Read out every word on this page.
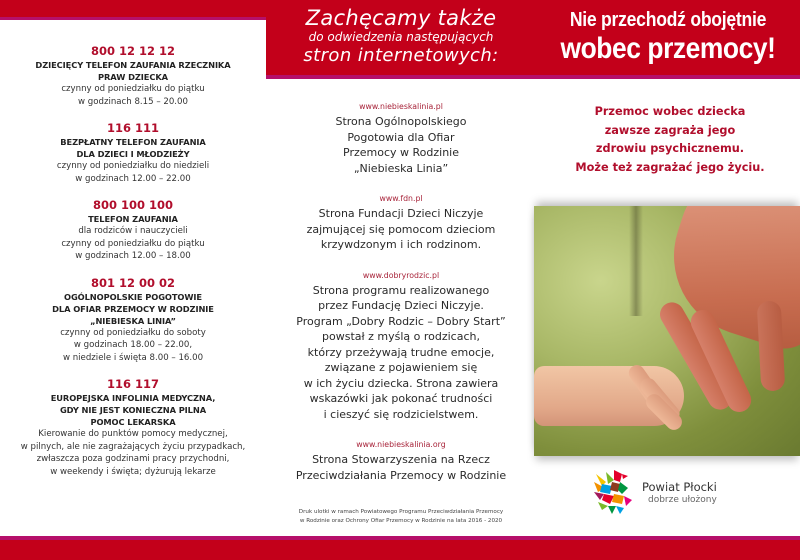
800 12 12 12
DZIECIĘCY TELEFON ZAUFANIA RZECZNIKA
PRAW DZIECKA
czynny od poniedziałku do piątku
w godzinach 8.15 – 20.00
116 111
BEZPŁATNY TELEFON ZAUFANIA
DLA DZIECI I MŁODZIEŻY
czynny od poniedziałku do niedzieli
w godzinach 12.00 – 22.00
800 100 100
TELEFON ZAUFANIA
dla rodziców i nauczycieli
czynny od poniedziałku do piątku
w godzinach 12.00 – 18.00
801 12 00 02
OGÓLNOPOLSKIE POGOTOWIE
DLA OFIAR PRZEMOCY W RODZINIE
„NIEBIESKA LINIA”
czynny od poniedziałku do soboty
w godzinach 18.00 – 22.00,
w niedziele i święta 8.00 – 16.00
116 117
EUROPEJSKA INFOLINIA MEDYCZNA,
GDY NIE JEST KONIECZNA PILNA
POMOC LEKARSKA
Kierowanie do punktów pomocy medycznej,
w pilnych, ale nie zagrażających życiu przypadkach,
zwłaszcza poza godzinami pracy przychodni,
w weekendy i święta; dyżurują lekarze
Zachęcamy także
do odwiedzenia następujących
stron internetowych:
www.niebieskalinia.pl
Strona Ogólnopolskiego
Pogotowia dla Ofiar
Przemocy w Rodzinie
„Niebieska Linia”
www.fdn.pl
Strona Fundacji Dzieci Niczyje
zajmującej się pomocom dzieciom
krzywdzonym i ich rodzinom.
www.dobryrodzic.pl
Strona programu realizowanego
przez Fundację Dzieci Niczyje.
Program „Dobry Rodzic – Dobry Start”
powstał z myślą o rodzicach,
którzy przeżywają trudne emocje,
związane z pojawieniem się
w ich życiu dziecka. Strona zawiera
wskazówki jak pokonać trudności
i cieszyć się rodzicielstwem.
www.niebieskalinia.org
Strona Stowarzyszenia na Rzecz
Przeciwdziałania Przemocy w Rodzinie
Druk ulotki w ramach Powiatowego Programu Przeciwdziałania Przemocy
w Rodzinie oraz Ochrony Ofiar Przemocy w Rodzinie na lata 2016 - 2020
Nie przechodź obojętnie
wobec przemocy!
Przemoc wobec dziecka
zawsze zagraża jego
zdrowiu psychicznemu.
Może też zagrażać jego życiu.
Powiat Płocki
dobrze ułożony
